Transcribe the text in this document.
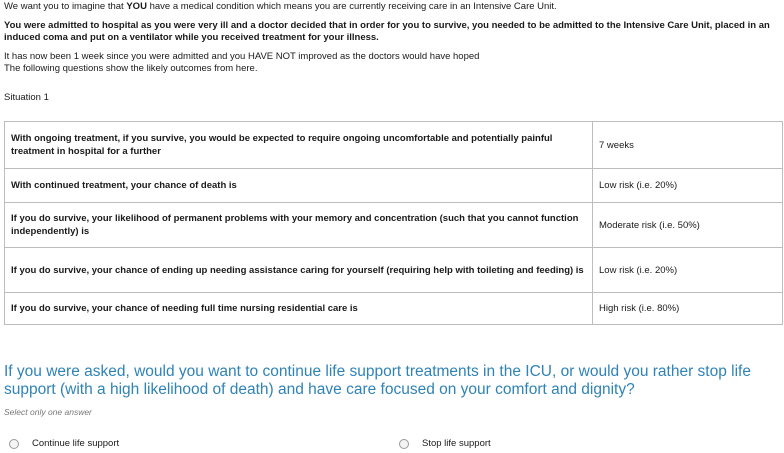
We want you to imagine that YOU have a medical condition which means you are currently receiving care in an Intensive Care Unit.

You were admitted to hospital as you were very ill and a doctor decided that in order for you to survive, you needed to be admitted to the Intensive Care Unit, placed in an induced coma and put on a ventilator while you received treatment for your illness.

It has now been 1 week since you were admitted and you HAVE NOT improved as the doctors would have hoped

The following questions show the likely outcomes from here.

Situation 1
With ongoing treatment, if you survive, you would be expected to require ongoing uncomfortable and potentially painful treatment in hospital for a further	7 weeks
With continued treatment, your chance of death is	Low risk (i.e. 20%)
If you do survive, your likelihood of permanent problems with your memory and concentration (such that you cannot function independently) is	Moderate risk (i.e. 50%)
If you do survive, your chance of ending up needing assistance caring for yourself (requiring help with toileting and feeding) is	Low risk (i.e. 20%)
If you do survive, your chance of needing full time nursing residential care is	High risk (i.e. 80%)
If you were asked, would you want to continue life support treatments in the ICU, or would you rather stop life support (with a high likelihood of death) and have care focused on your comfort and dignity?
Select only one answer
Continue life support	Stop life support
